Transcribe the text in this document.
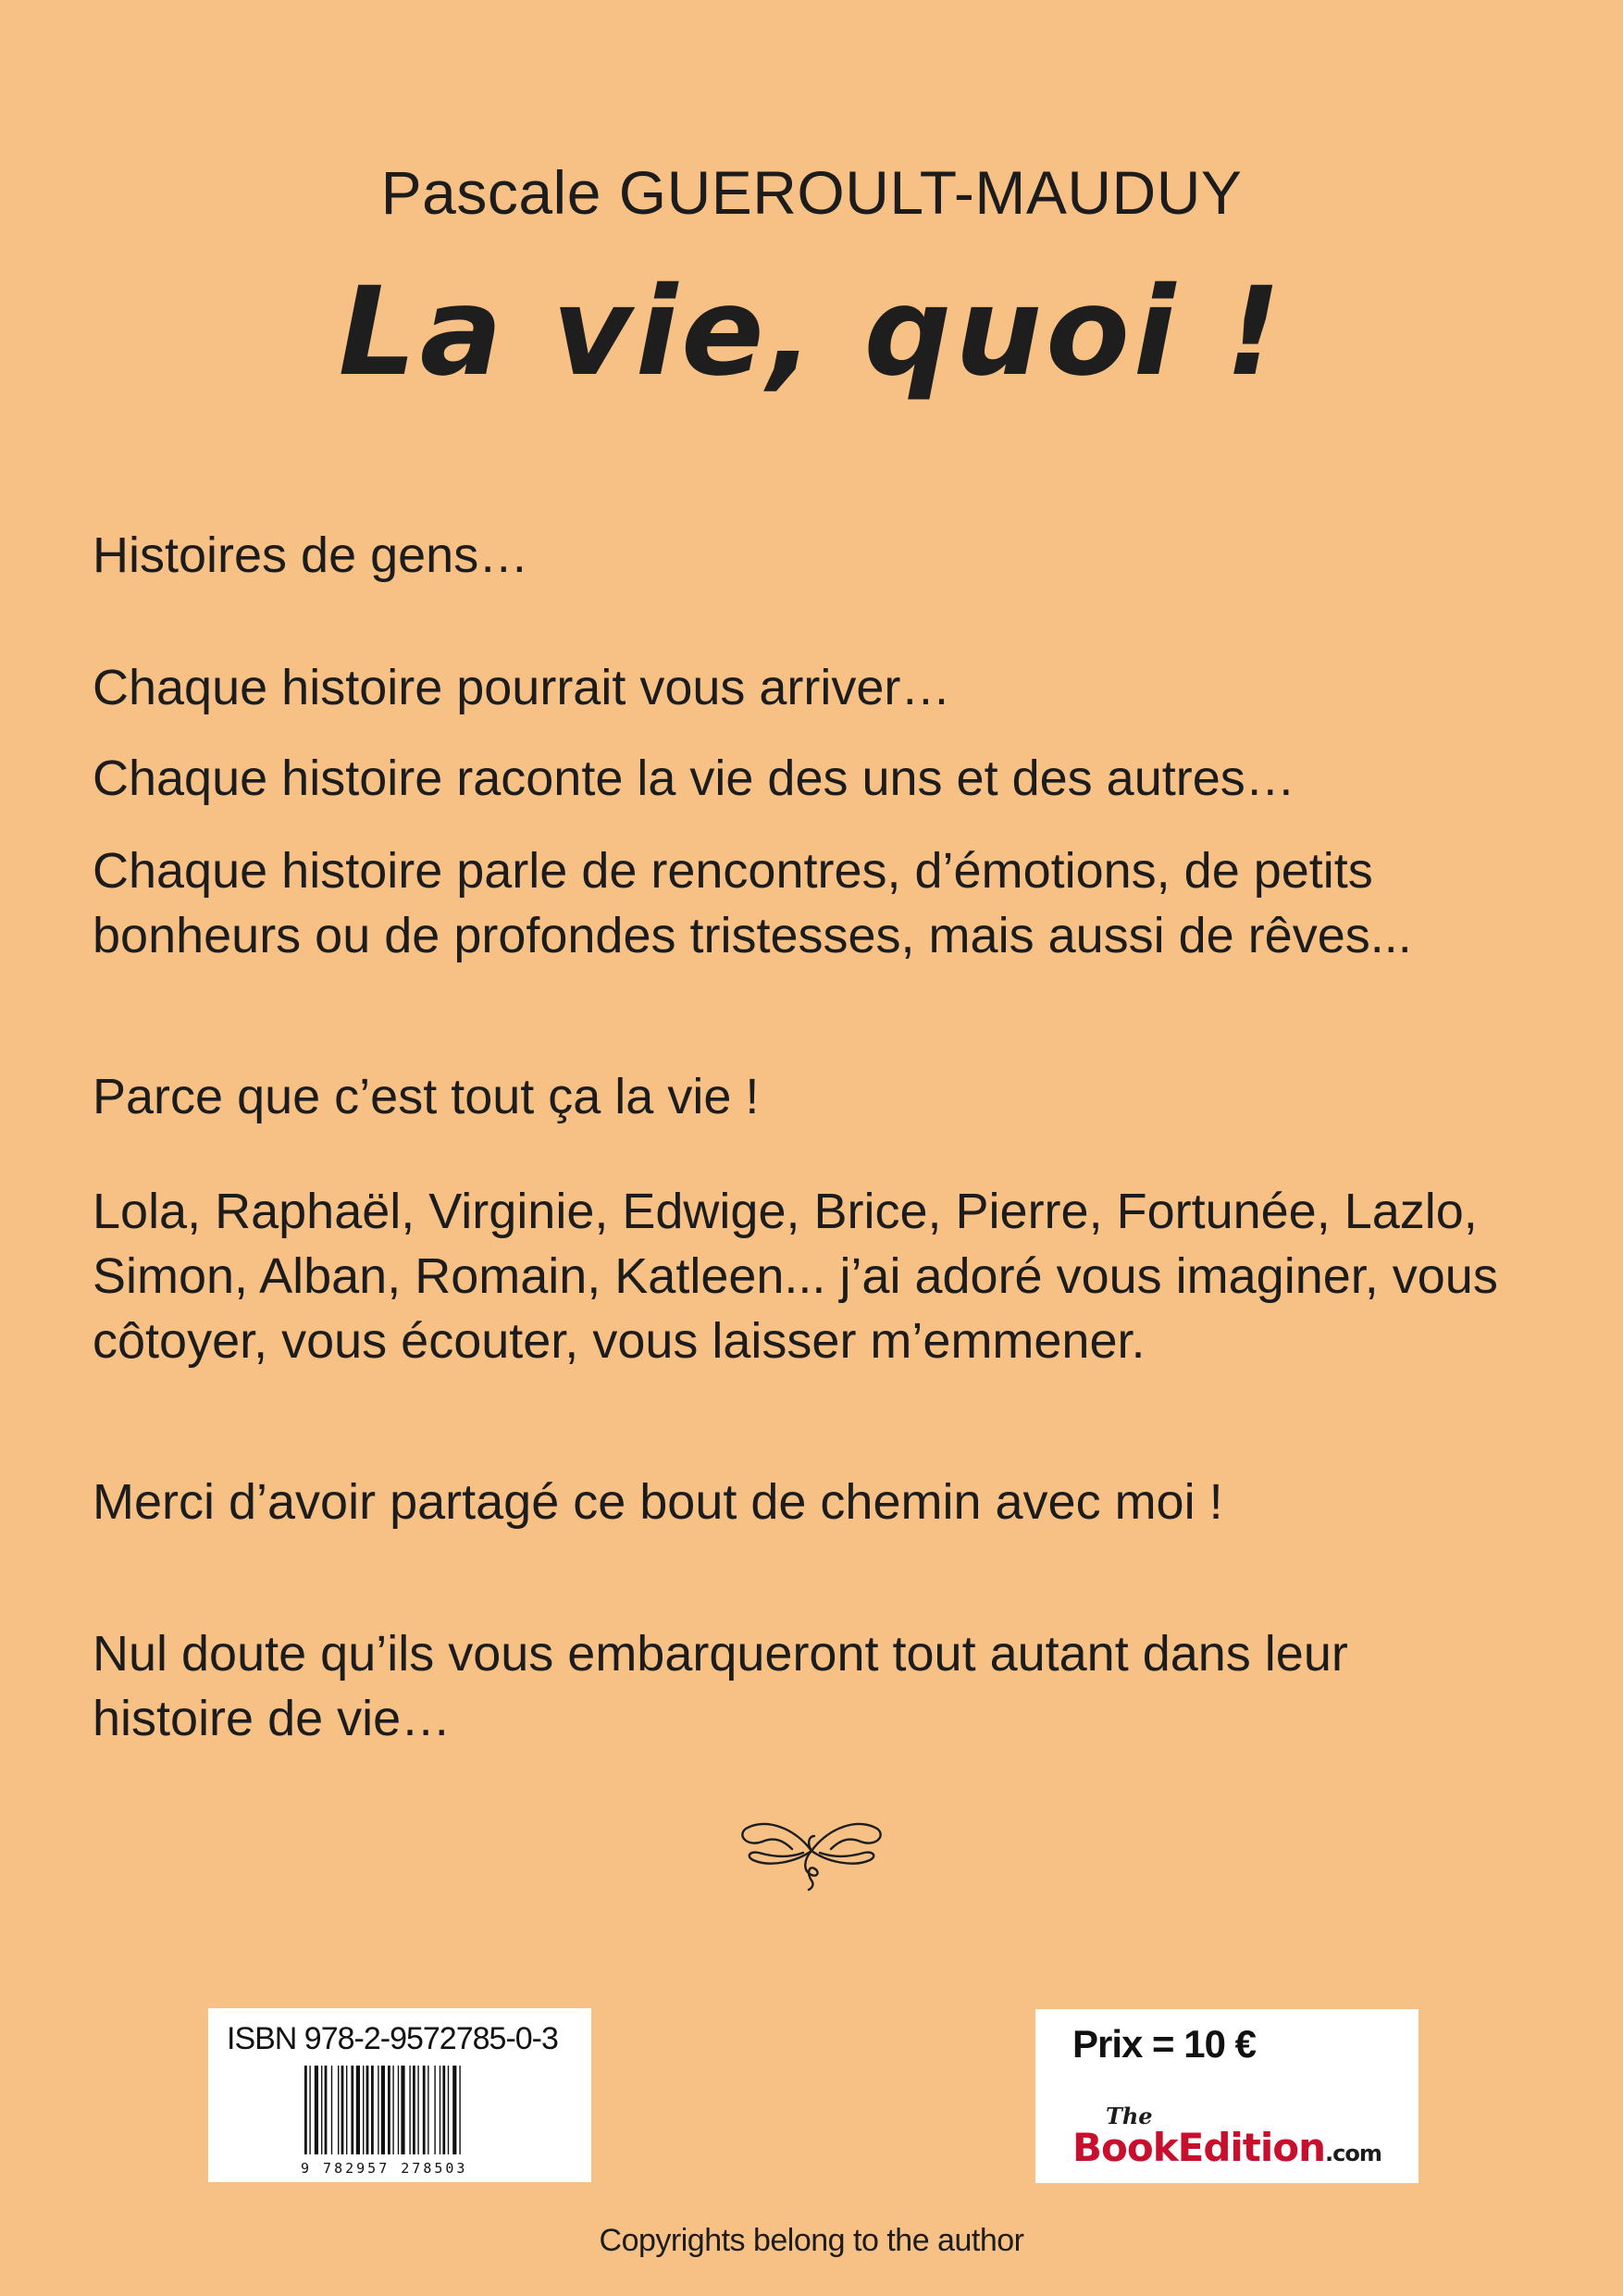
Pascale GUEROULT-MAUDUY
La vie, quoi !
Histoires de gens…
Chaque histoire pourrait vous arriver…
Chaque histoire raconte la vie des uns et des autres…
Chaque histoire parle de rencontres, d’émotions, de petits bonheurs ou de profondes tristesses, mais aussi de rêves...
Parce que c’est tout ça la vie !
Lola, Raphaël, Virginie, Edwige, Brice, Pierre, Fortunée, Lazlo, Simon, Alban, Romain, Katleen... j’ai adoré vous imaginer, vous côtoyer, vous écouter, vous laisser m’emmener.
Merci d’avoir partagé ce bout de chemin avec moi !
Nul doute qu’ils vous embarqueront tout autant dans leur histoire de vie…
ISBN 978-2-9572785-0-3
9 782957 278503
Prix = 10 €
The
BookEdition.com
Copyrights belong to the author
